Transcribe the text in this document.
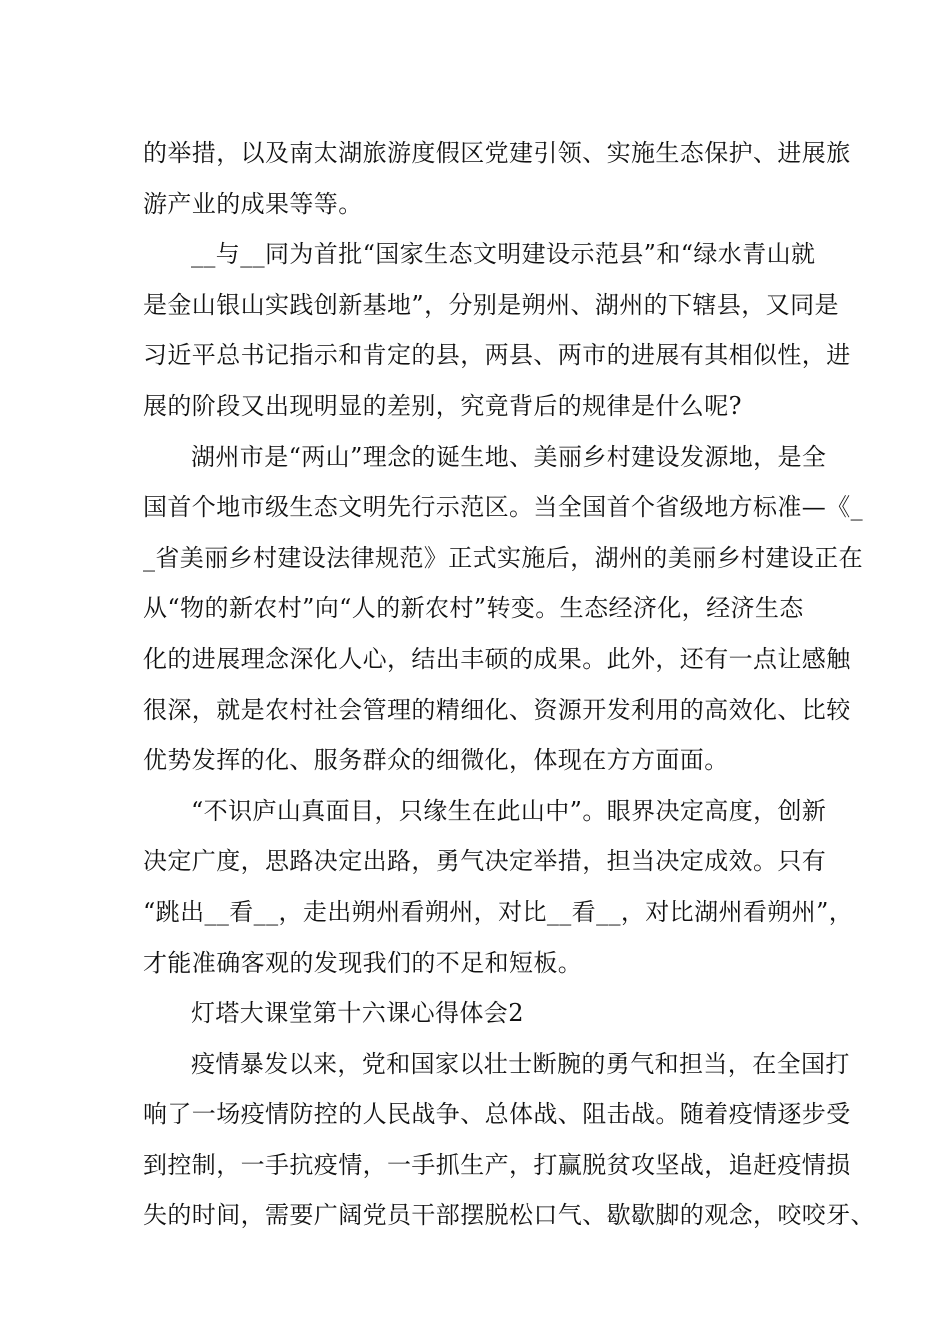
的举措，以及南太湖旅游度假区党建引领、实施生态保护、进展旅
游产业的成果等等。

__与__同为首批“国家生态文明建设示范县”和“绿水青山就
是金山银山实践创新基地”，分别是朔州、湖州的下辖县，又同是
习近平总书记指示和肯定的县，两县、两市的进展有其相似性，进
展的阶段又出现明显的差别，究竟背后的规律是什么呢?

湖州市是“两山”理念的诞生地、美丽乡村建设发源地，是全
国首个地市级生态文明先行示范区。当全国首个省级地方标准—《_
_省美丽乡村建设法律规范》正式实施后，湖州的美丽乡村建设正在
从“物的新农村”向“人的新农村”转变。生态经济化，经济生态
化的进展理念深化人心，结出丰硕的成果。此外，还有一点让感触
很深，就是农村社会管理的精细化、资源开发利用的高效化、比较
优势发挥的化、服务群众的细微化，体现在方方面面。

“不识庐山真面目，只缘生在此山中”。眼界决定高度，创新
决定广度，思路决定出路，勇气决定举措，担当决定成效。只有
“跳出__看__，走出朔州看朔州，对比__看__，对比湖州看朔州”，
才能准确客观的发现我们的不足和短板。

灯塔大课堂第十六课心得体会2

疫情暴发以来，党和国家以壮士断腕的勇气和担当，在全国打
响了一场疫情防控的人民战争、总体战、阻击战。随着疫情逐步受
到控制，一手抗疫情，一手抓生产，打赢脱贫攻坚战，追赶疫情损
失的时间，需要广阔党员干部摆脱松口气、歇歇脚的观念，咬咬牙、
